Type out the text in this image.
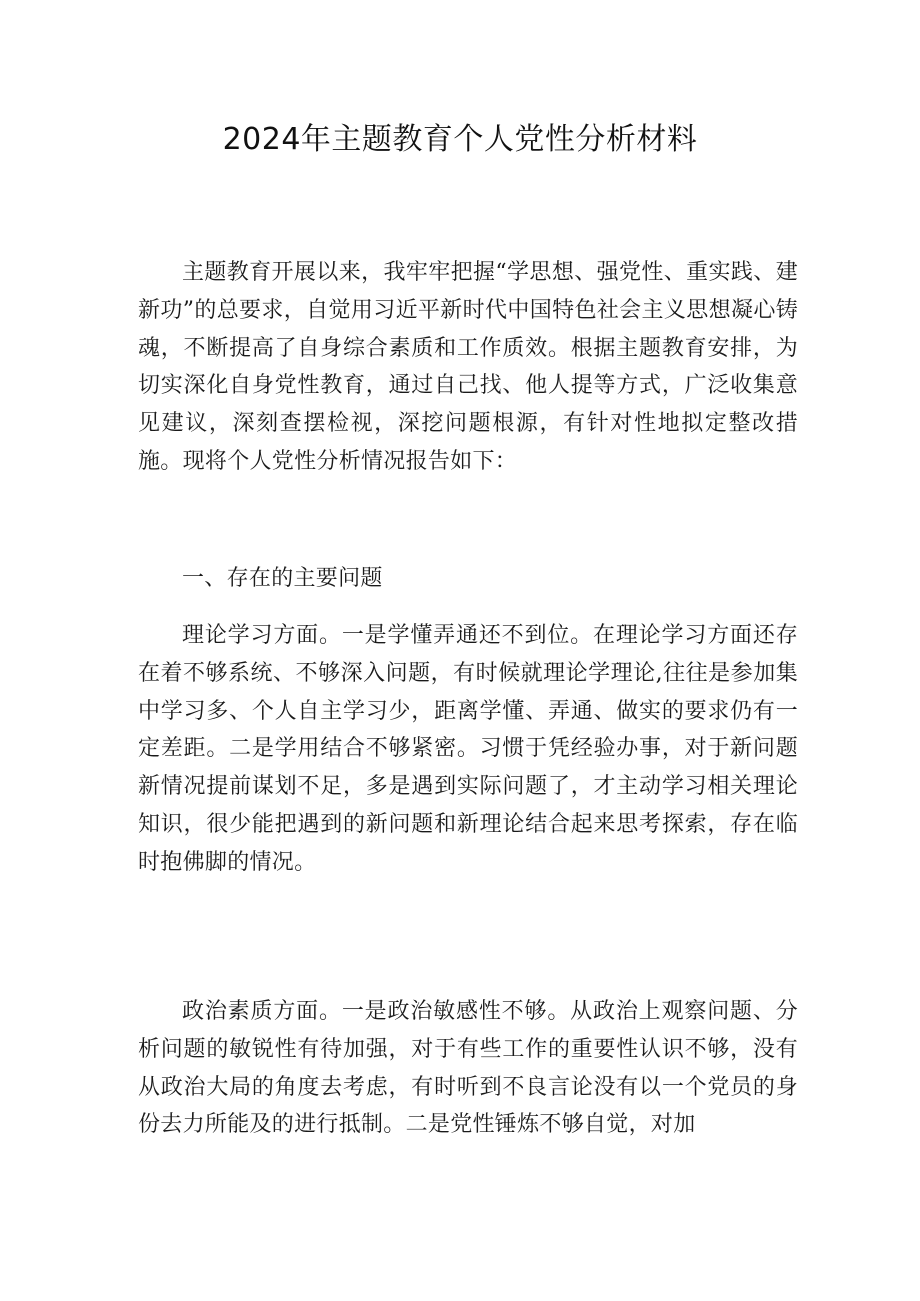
2024年主题教育个人党性分析材料

主题教育开展以来，我牢牢把握“学思想、强党性、重实践、建新功”的总要求，自觉用习近平新时代中国特色社会主义思想凝心铸魂，不断提高了自身综合素质和工作质效。根据主题教育安排，为切实深化自身党性教育，通过自己找、他人提等方式，广泛收集意见建议，深刻查摆检视，深挖问题根源，有针对性地拟定整改措施。现将个人党性分析情况报告如下：

一、存在的主要问题

理论学习方面。一是学懂弄通还不到位。在理论学习方面还存在着不够系统、不够深入问题，有时候就理论学理论,往往是参加集中学习多、个人自主学习少，距离学懂、弄通、做实的要求仍有一定差距。二是学用结合不够紧密。习惯于凭经验办事，对于新问题新情况提前谋划不足，多是遇到实际问题了，才主动学习相关理论知识，很少能把遇到的新问题和新理论结合起来思考探索，存在临时抱佛脚的情况。

政治素质方面。一是政治敏感性不够。从政治上观察问题、分析问题的敏锐性有待加强，对于有些工作的重要性认识不够，没有从政治大局的角度去考虑，有时听到不良言论没有以一个党员的身份去力所能及的进行抵制。二是党性锤炼不够自觉，对加
